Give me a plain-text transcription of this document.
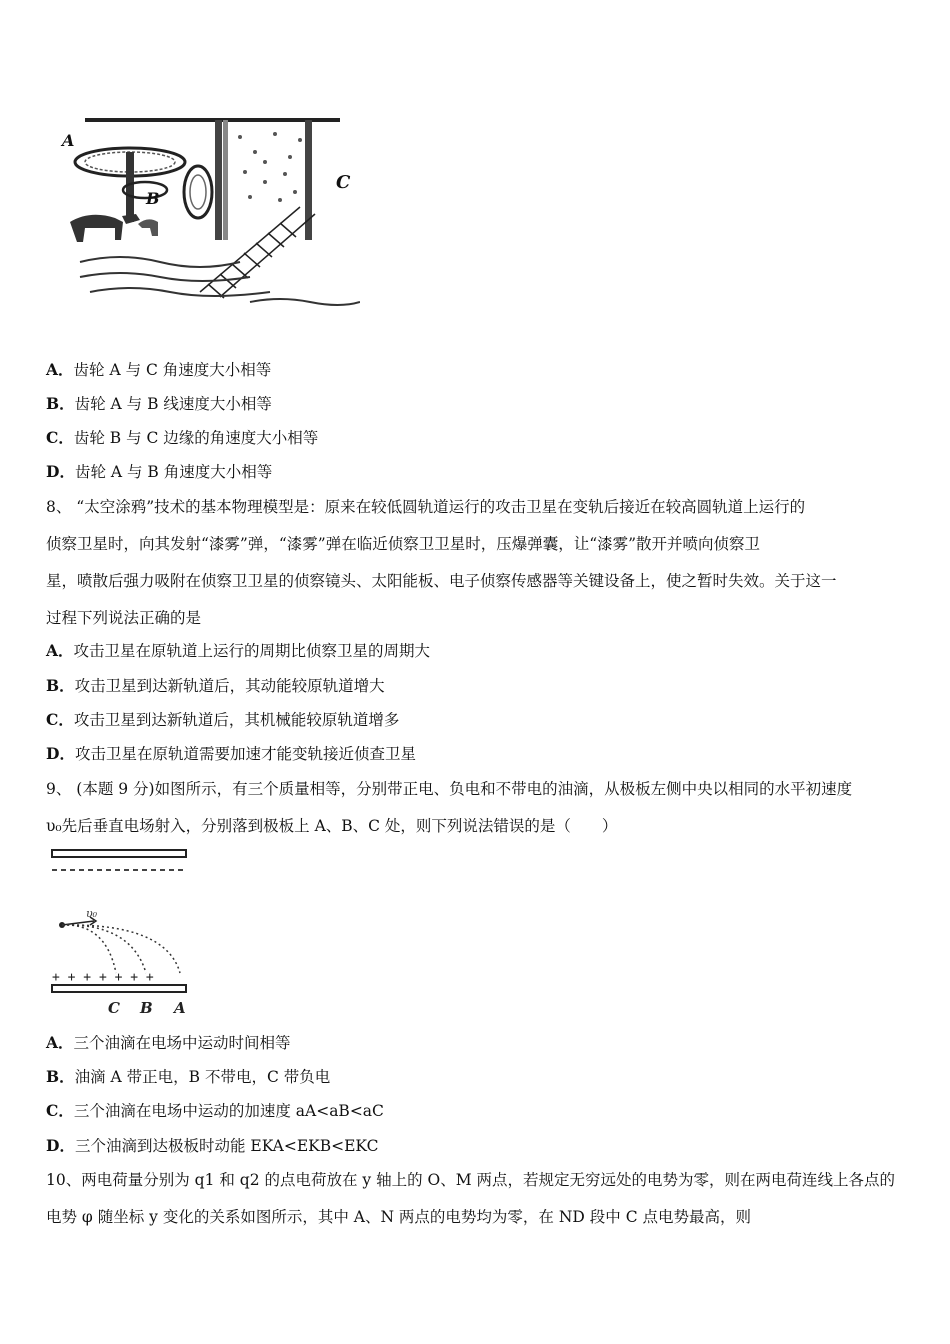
A
B
C
A．齿轮 A 与 C 角速度大小相等
B．齿轮 A 与 B 线速度大小相等
C．齿轮 B 与 C 边缘的角速度大小相等
D．齿轮 A 与 B 角速度大小相等
8、 “太空涂鸦”技术的基本物理模型是：原来在较低圆轨道运行的攻击卫星在变轨后接近在较高圆轨道上运行的
侦察卫星时，向其发射“漆雾”弹，“漆雾”弹在临近侦察卫卫星时，压爆弹囊，让“漆雾”散开并喷向侦察卫
星，喷散后强力吸附在侦察卫卫星的侦察镜头、太阳能板、电子侦察传感器等关键设备上，使之暂时失效。关于这一
过程下列说法正确的是
A．攻击卫星在原轨道上运行的周期比侦察卫星的周期大
B．攻击卫星到达新轨道后，其动能较原轨道增大
C．攻击卫星到达新轨道后，其机械能较原轨道增多
D．攻击卫星在原轨道需要加速才能变轨接近侦查卫星
9、 (本题 9 分)如图所示，有三个质量相等，分别带正电、负电和不带电的油滴，从极板左侧中央以相同的水平初速度
υ₀先后垂直电场射入，分别落到极板上 A、B、C 处，则下列说法错误的是（　　）
υ₀
+ + + + + + +
C B A
A．三个油滴在电场中运动时间相等
B．油滴 A 带正电，B 不带电，C 带负电
C．三个油滴在电场中运动的加速度 aA<aB<aC
D．三个油滴到达极板时动能 EKA<EKB<EKC
10、两电荷量分别为 q1 和 q2 的点电荷放在 y 轴上的 O、M 两点，若规定无穷远处的电势为零，则在两电荷连线上各点的
电势 φ 随坐标 y 变化的关系如图所示，其中 A、N 两点的电势均为零，在 ND 段中 C 点电势最高，则
